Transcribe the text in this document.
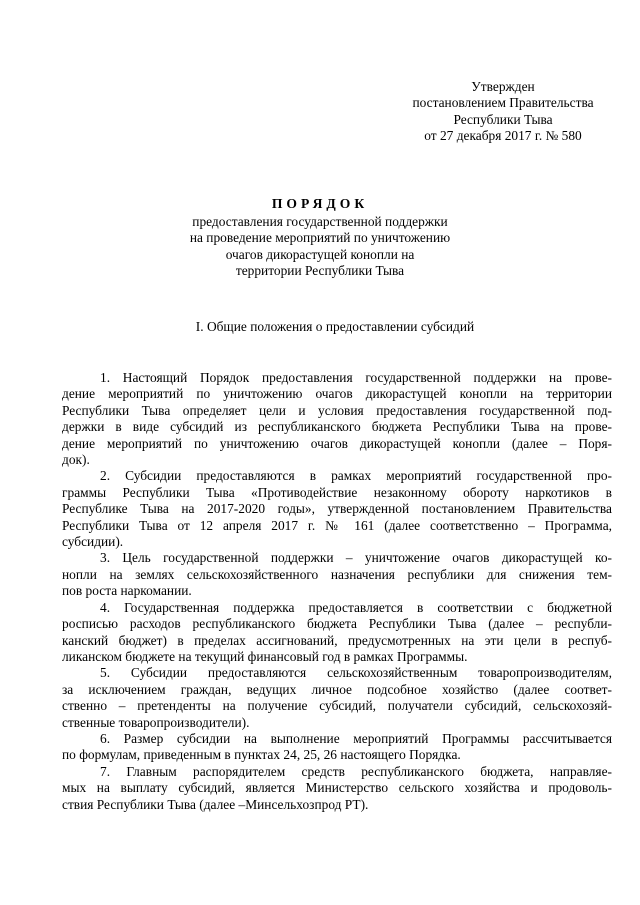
Утвержден
постановлением Правительства
Республики Тыва
от 27 декабря 2017 г. № 580
ПОРЯДОК
предоставления государственной поддержки
на проведение мероприятий по уничтожению
очагов дикорастущей конопли на
территории Республики Тыва
I. Общие положения о предоставлении субсидий
1. Настоящий Порядок предоставления государственной поддержки на прове-
дение мероприятий по уничтожению очагов дикорастущей конопли на территории
Республики Тыва определяет цели и условия предоставления государственной под-
держки в виде субсидий из республиканского бюджета Республики Тыва на прове-
дение мероприятий по уничтожению очагов дикорастущей конопли (далее – Поря-
док).
2. Субсидии предоставляются в рамках мероприятий государственной про-
граммы Республики Тыва «Противодействие незаконному обороту наркотиков в
Республике Тыва на 2017-2020 годы», утвержденной постановлением Правительства
Республики Тыва от 12 апреля 2017 г. № 161 (далее соответственно – Программа,
субсидии).
3. Цель государственной поддержки – уничтожение очагов дикорастущей ко-
нопли на землях сельскохозяйственного назначения республики для снижения тем-
пов роста наркомании.
4. Государственная поддержка предоставляется в соответствии с бюджетной
росписью расходов республиканского бюджета Республики Тыва (далее – республи-
канский бюджет) в пределах ассигнований, предусмотренных на эти цели в респуб-
ликанском бюджете на текущий финансовый год в рамках Программы.
5. Субсидии предоставляются сельскохозяйственным товаропроизводителям,
за исключением граждан, ведущих личное подсобное хозяйство (далее соответ-
ственно – претенденты на получение субсидий, получатели субсидий, сельскохозяй-
ственные товаропроизводители).
6. Размер субсидии на выполнение мероприятий Программы рассчитывается
по формулам, приведенным в пунктах 24, 25, 26 настоящего Порядка.
7. Главным распорядителем средств республиканского бюджета, направляе-
мых на выплату субсидий, является Министерство сельского хозяйства и продоволь-
ствия Республики Тыва (далее –Минсельхозпрод РТ).
